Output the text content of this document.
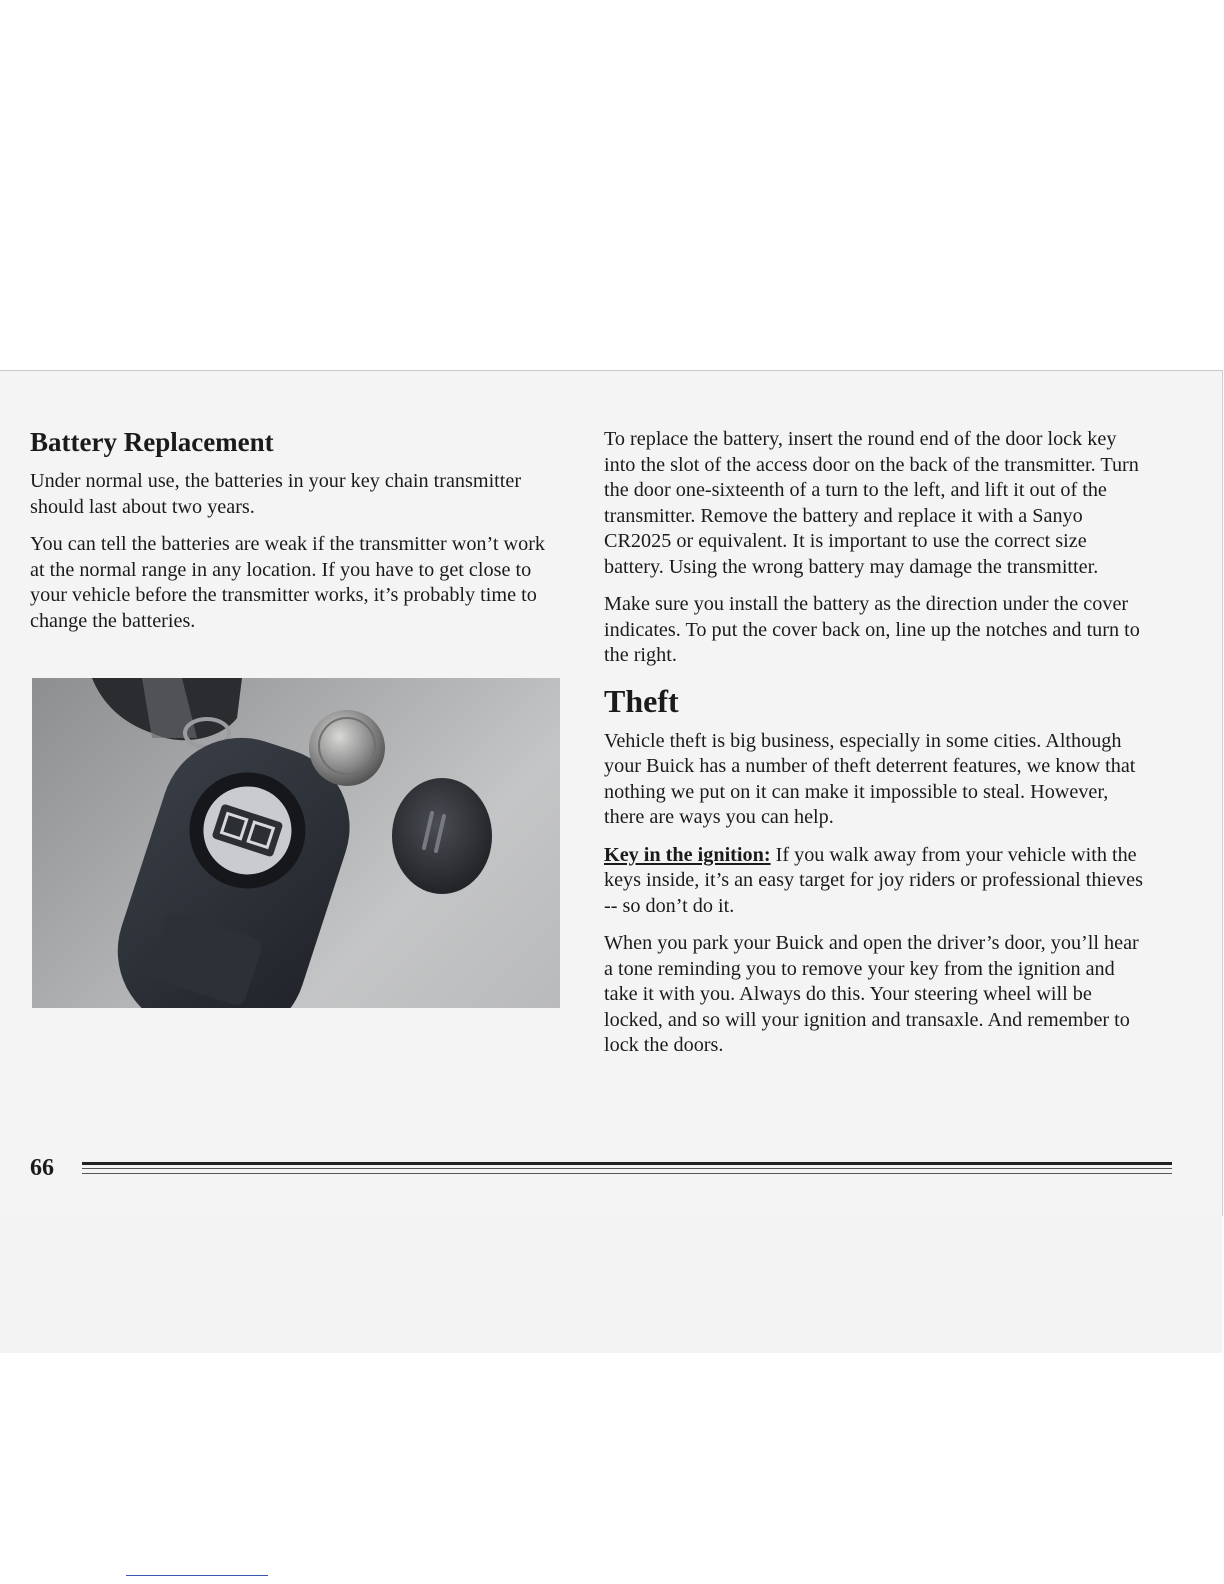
Battery Replacement

Under normal use, the batteries in your key chain transmitter should last about two years.

You can tell the batteries are weak if the transmitter won’t work at the normal range in any location. If you have to get close to your vehicle before the transmitter works, it’s probably time to change the batteries.

To replace the battery, insert the round end of the door lock key into the slot of the access door on the back of the transmitter. Turn the door one-sixteenth of a turn to the left, and lift it out of the transmitter. Remove the battery and replace it with a Sanyo CR2025 or equivalent. It is important to use the correct size battery. Using the wrong battery may damage the transmitter.

Make sure you install the battery as the direction under the cover indicates. To put the cover back on, line up the notches and turn to the right.

Theft

Vehicle theft is big business, especially in some cities. Although your Buick has a number of theft deterrent features, we know that nothing we put on it can make it impossible to steal. However, there are ways you can help.

Key in the ignition: If you walk away from your vehicle with the keys inside, it’s an easy target for joy riders or professional thieves -- so don’t do it.

When you park your Buick and open the driver’s door, you’ll hear a tone reminding you to remove your key from the ignition and take it with you. Always do this. Your steering wheel will be locked, and so will your ignition and transaxle. And remember to lock the doors.

66
